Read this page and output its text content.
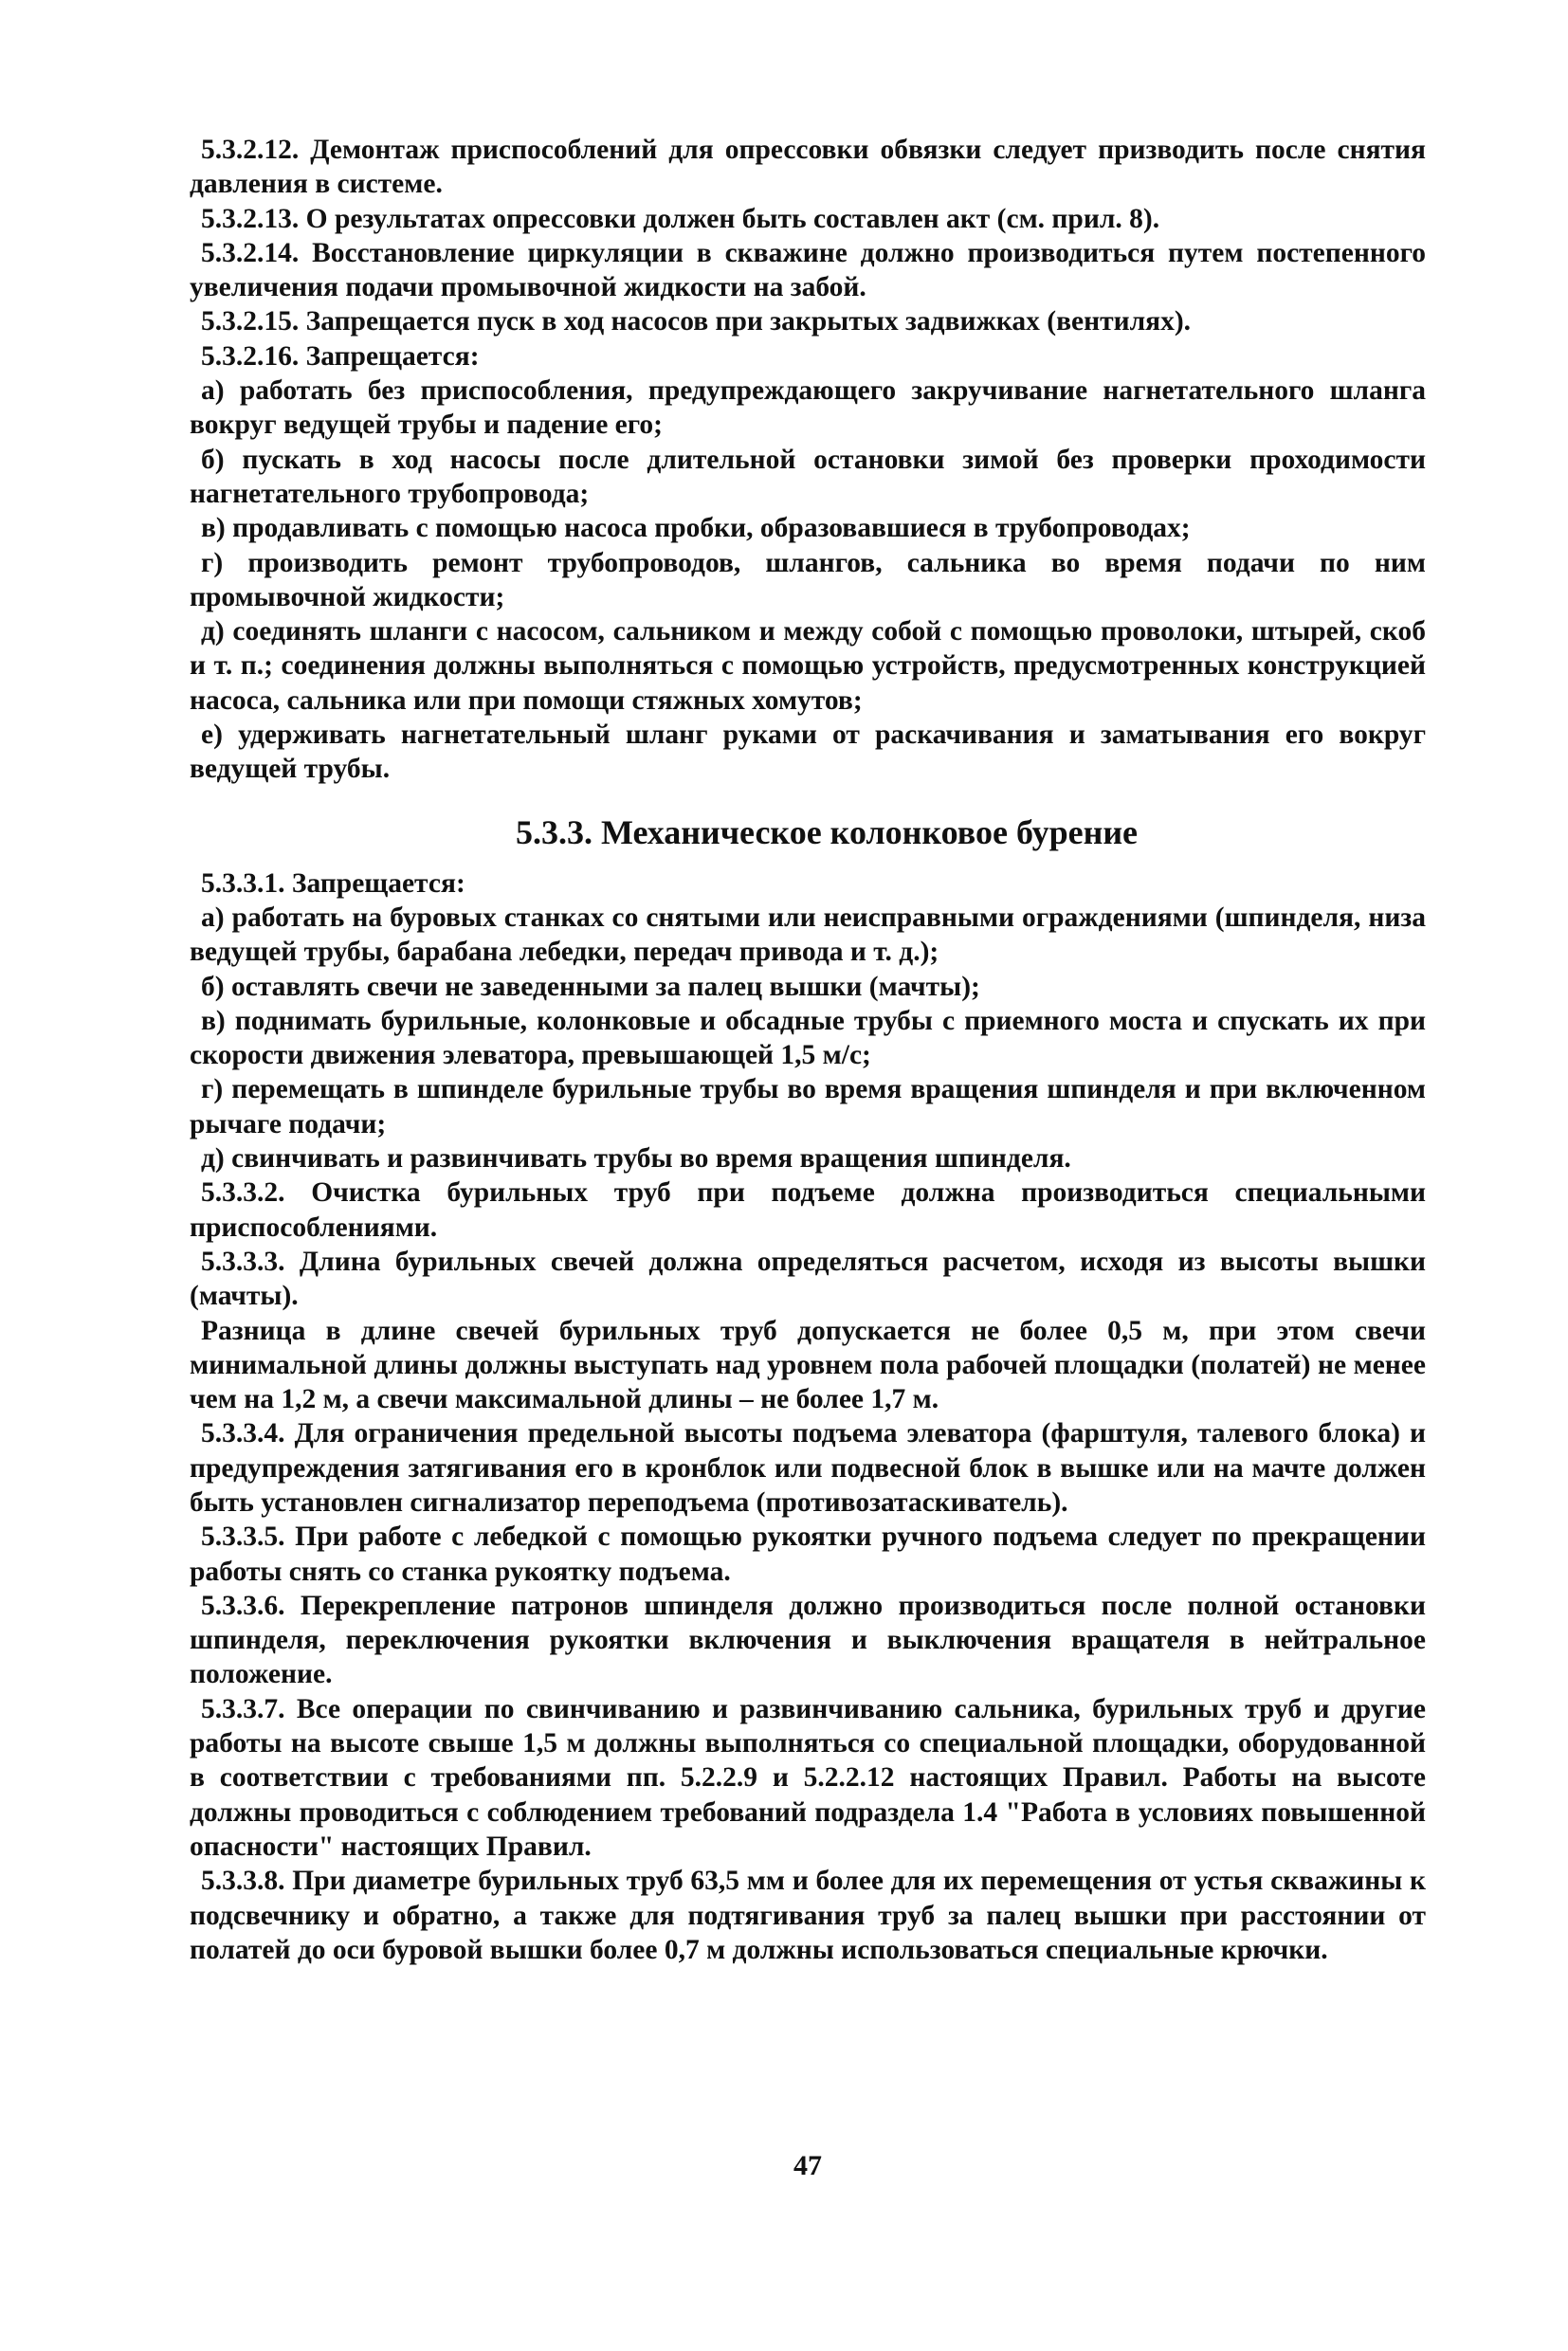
5.3.2.12. Демонтаж приспособлений для опрессовки обвязки следует призводить после снятия давления в системе.

5.3.2.13. О результатах опрессовки должен быть составлен акт (см. прил. 8).

5.3.2.14. Восстановление циркуляции в скважине должно производиться путем постепенного увеличения подачи промывочной жидкости на забой.

5.3.2.15. Запрещается пуск в ход насосов при закрытых задвижках (вентилях).

5.3.2.16. Запрещается:

а) работать без приспособления, предупреждающего закручивание нагнетательного шланга вокруг ведущей трубы и падение его;

б) пускать в ход насосы после длительной остановки зимой без проверки проходимости нагнетательного трубопровода;

в) продавливать с помощью насоса пробки, образовавшиеся в трубопроводах;

г) производить ремонт трубопроводов, шлангов, сальника во время подачи по ним промывочной жидкости;

д) соединять шланги с насосом, сальником и между собой с помощью проволоки, штырей, скоб и т. п.; соединения должны выполняться с помощью устройств, предусмотренных конструкцией насоса, сальника или при помощи стяжных хомутов;

е) удерживать нагнетательный шланг руками от раскачивания и заматывания его вокруг ведущей трубы.

5.3.3. Механическое колонковое бурение

5.3.3.1. Запрещается:

а) работать на буровых станках со снятыми или неисправными ограждениями (шпинделя, низа ведущей трубы, барабана лебедки, передач привода и т. д.);

б) оставлять свечи не заведенными за палец вышки (мачты);

в) поднимать бурильные, колонковые и обсадные трубы с приемного моста и спускать их при скорости движения элеватора, превышающей 1,5 м/с;

г) перемещать в шпинделе бурильные трубы во время вращения шпинделя и при включенном рычаге подачи;

д) свинчивать и развинчивать трубы во время вращения шпинделя.

5.3.3.2. Очистка бурильных труб при подъеме должна производиться специальными приспособлениями.

5.3.3.3. Длина бурильных свечей должна определяться расчетом, исходя из высоты вышки (мачты).

Разница в длине свечей бурильных труб допускается не более 0,5 м, при этом свечи минимальной длины должны выступать над уровнем пола рабочей площадки (полатей) не менее чем на 1,2 м, а свечи максимальной длины – не более 1,7 м.

5.3.3.4. Для ограничения предельной высоты подъема элеватора (фарштуля, талевого блока) и предупреждения затягивания его в кронблок или подвесной блок в вышке или на мачте должен быть установлен сигнализатор переподъема (противозатаскиватель).

5.3.3.5. При работе с лебедкой с помощью рукоятки ручного подъема следует по прекращении работы снять со станка рукоятку подъема.

5.3.3.6. Перекрепление патронов шпинделя должно производиться после полной остановки шпинделя, переключения рукоятки включения и выключения вращателя в нейтральное положение.

5.3.3.7. Все операции по свинчиванию и развинчиванию сальника, бурильных труб и другие работы на высоте свыше 1,5 м должны выполняться со специальной площадки, оборудованной в соответствии с требованиями пп. 5.2.2.9 и 5.2.2.12 настоящих Правил. Работы на высоте должны проводиться с соблюдением требований подраздела 1.4 "Работа в условиях повышенной опасности" настоящих Правил.

5.3.3.8. При диаметре бурильных труб 63,5 мм и более для их перемещения от устья скважины к подсвечнику и обратно, а также для подтягивания труб за палец вышки при расстоянии от полатей до оси буровой вышки более 0,7 м должны использоваться специальные крючки.

47
